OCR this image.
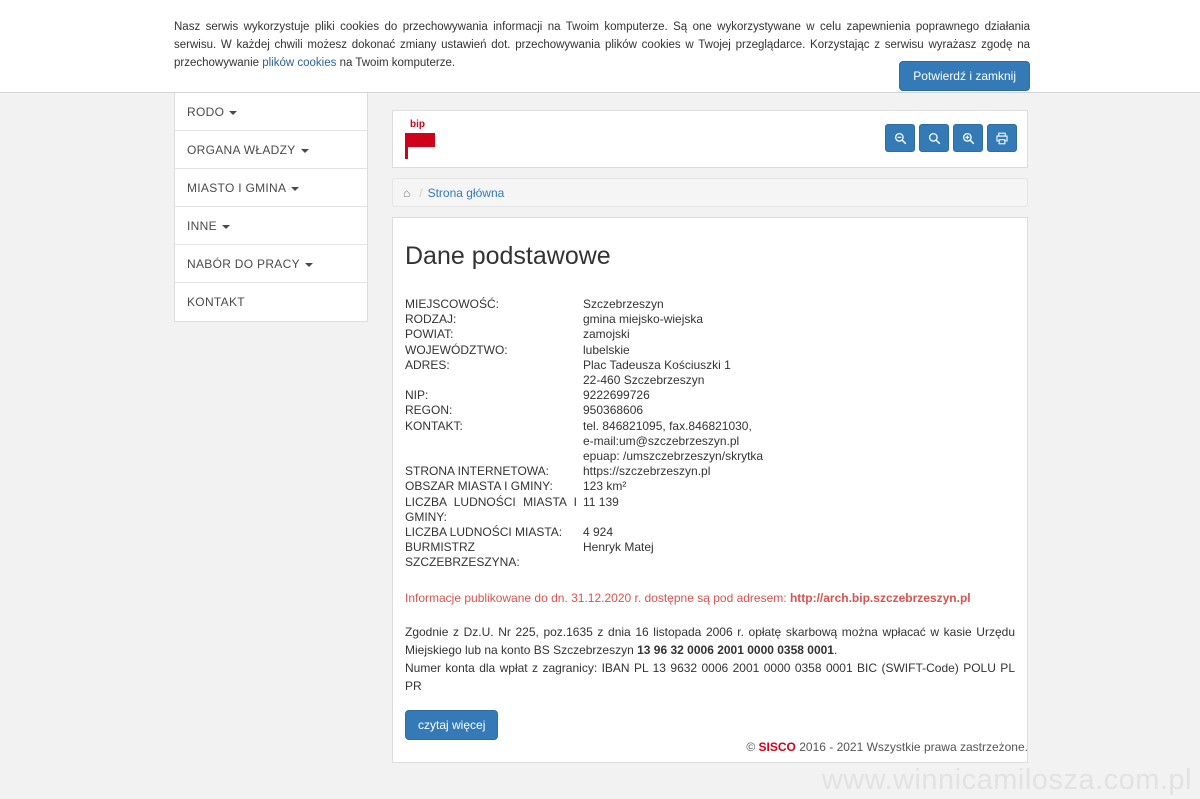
Nasz serwis wykorzystuje pliki cookies do przechowywania informacji na Twoim komputerze. Są one wykorzystywane w celu zapewnienia poprawnego działania serwisu. W każdej chwili możesz dokonać zmiany ustawień dot. przechowywania plików cookies w Twojej przeglądarce. Korzystając z serwisu wyrażasz zgodę na przechowywanie plików cookies na Twoim komputerze.
Potwierdź i zamknij
RODO
ORGANA WŁADZY
MIASTO I GMINA
INNE
NABÓR DO PRACY
KONTAKT
bip
⌂ / Strona główna
Dane podstawowe
MIEJSCOWOŚĆ:	Szczebrzeszyn
RODZAJ:	gmina miejsko-wiejska
POWIAT:	zamojski
WOJEWÓDZTWO:	lubelskie
ADRES:	Plac Tadeusza Kościuszki 1
22-460 Szczebrzeszyn
NIP:	9222699726
REGON:	950368606
KONTAKT:	tel. 846821095, fax.846821030,
e-mail:um@szczebrzeszyn.pl
epuap: /umszczebrzeszyn/skrytka
STRONA INTERNETOWA:	https://szczebrzeszyn.pl
OBSZAR MIASTA I GMINY:	123 km²
LICZBA LUDNOŚCI MIASTA I GMINY:	11 139
LICZBA LUDNOŚCI MIASTA:	4 924
BURMISTRZ SZCZEBRZESZYNA:	Henryk Matej
Informacje publikowane do dn. 31.12.2020 r. dostępne są pod adresem: http://arch.bip.szczebrzeszyn.pl
Zgodnie z Dz.U. Nr 225, poz.1635 z dnia 16 listopada 2006 r. opłatę skarbową można wpłacać w kasie Urzędu Miejskiego lub na konto BS Szczebrzeszyn 13 96 32 0006 2001 0000 0358 0001.
Numer konta dla wpłat z zagranicy: IBAN PL 13 9632 0006 2001 0000 0358 0001 BIC (SWIFT-Code) POLU PL PR
czytaj więcej
© SISCO 2016 - 2021 Wszystkie prawa zastrzeżone.
www.winnicamilosza.com.pl
